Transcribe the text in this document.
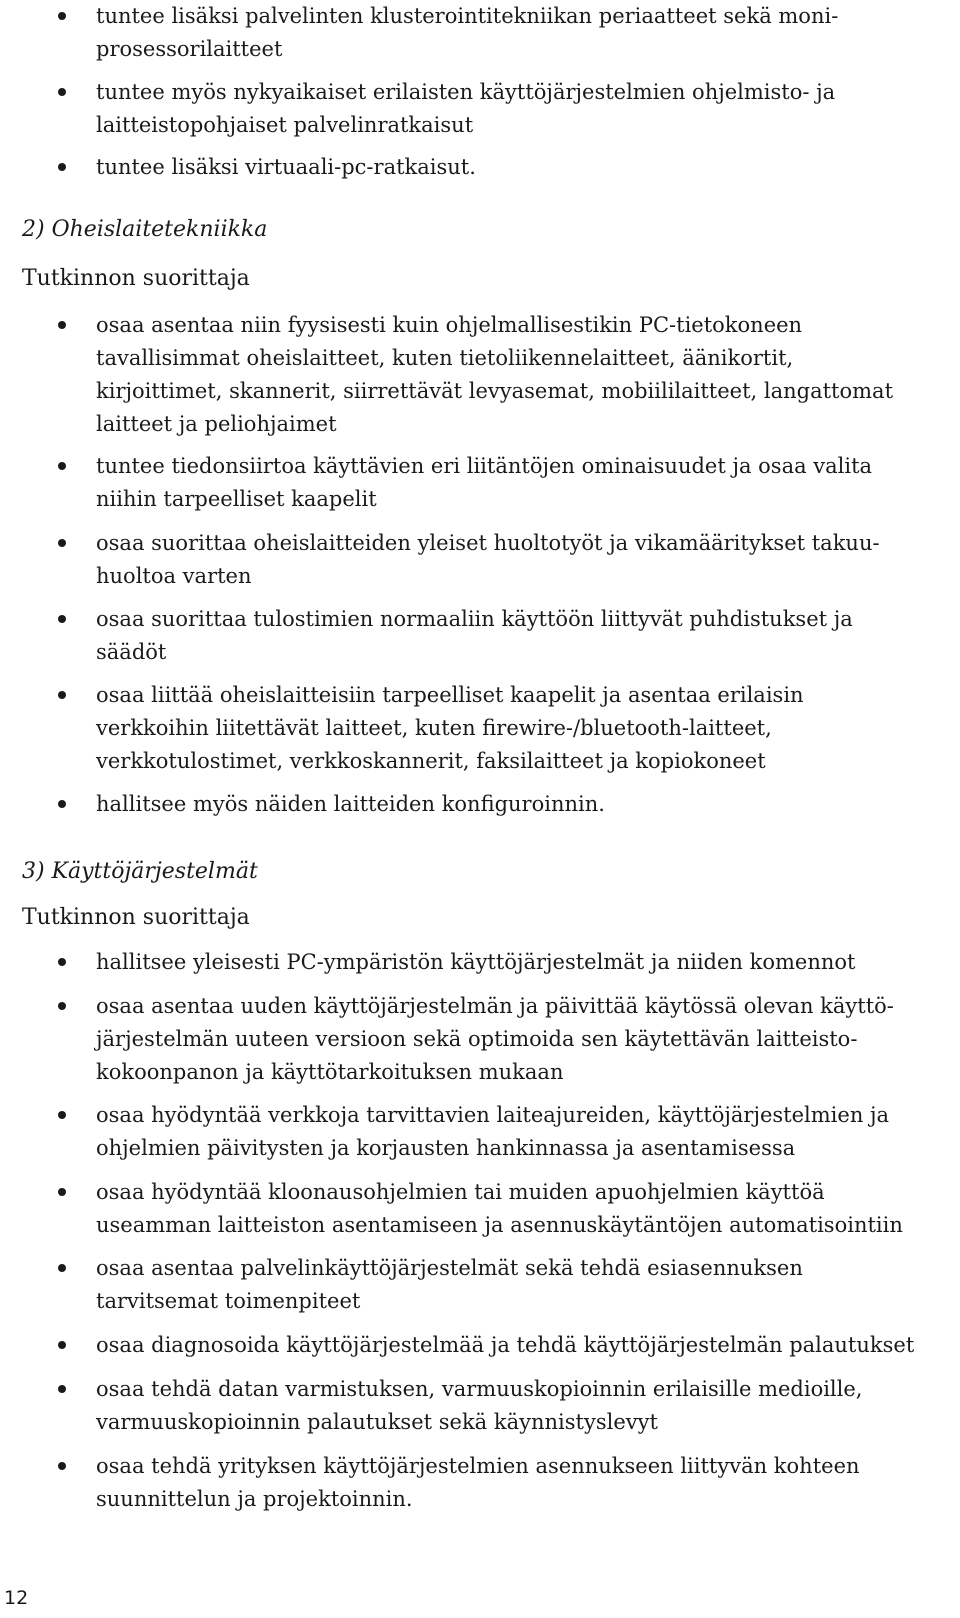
tuntee lisäksi palvelinten klusterointitekniikan periaatteet sekä moni-prosessorilaitteet
tuntee myös nykyaikaiset erilaisten käyttöjärjestelmien ohjelmisto- ja laitteistopohjaiset palvelinratkaisut
tuntee lisäksi virtuaali-pc-ratkaisut.
2) Oheislaitetekniikka
Tutkinnon suorittaja
osaa asentaa niin fyysisesti kuin ohjelmallisestikin PC-tietokoneen tavallisimmat oheislaitteet, kuten tietoliikennelaitteet, äänikortit, kirjoittimet, skannerit, siirrettävät levyasemat, mobiililaitteet, langattomat laitteet ja peliohjaimet
tuntee tiedonsiirtoa käyttävien eri liitäntöjen ominaisuudet ja osaa valita niihin tarpeelliset kaapelit
osaa suorittaa oheislaitteiden yleiset huoltotyöt ja vikamääritykset takuu-huoltoa varten
osaa suorittaa tulostimien normaaliin käyttöön liittyvät puhdistukset ja säädöt
osaa liittää oheislaitteisiin tarpeelliset kaapelit ja asentaa erilaisin verkkoihin liitettävät laitteet, kuten firewire-/bluetooth-laitteet, verkkotulostimet, verkkoskannerit, faksilaitteet ja kopiokoneet
hallitsee myös näiden laitteiden konfiguroinnin.
3) Käyttöjärjestelmät
Tutkinnon suorittaja
hallitsee yleisesti PC-ympäristön käyttöjärjestelmät ja niiden komennot
osaa asentaa uuden käyttöjärjestelmän ja päivittää käytössä olevan käyttö-järjestelmän uuteen versioon sekä optimoida sen käytettävän laitteisto-kokoonpanon ja käyttötarkoituksen mukaan
osaa hyödyntää verkkoja tarvittavien laiteajureiden, käyttöjärjestelmien ja ohjelmien päivitysten ja korjausten hankinnassa ja asentamisessa
osaa hyödyntää kloonausohjelmien tai muiden apuohjelmien käyttöä useamman laitteiston asentamiseen ja asennuskäytäntöjen automatisointiin
osaa asentaa palvelinkäyttöjärjestelmät sekä tehdä esiasennuksen tarvitsemat toimenpiteet
osaa diagnosoida käyttöjärjestelmää ja tehdä käyttöjärjestelmän palautukset
osaa tehdä datan varmistuksen, varmuuskopioinnin erilaisille medioille, varmuuskopioinnin palautukset sekä käynnistyslevyt
osaa tehdä yrityksen käyttöjärjestelmien asennukseen liittyvän kohteen suunnittelun ja projektoinnin.
12
